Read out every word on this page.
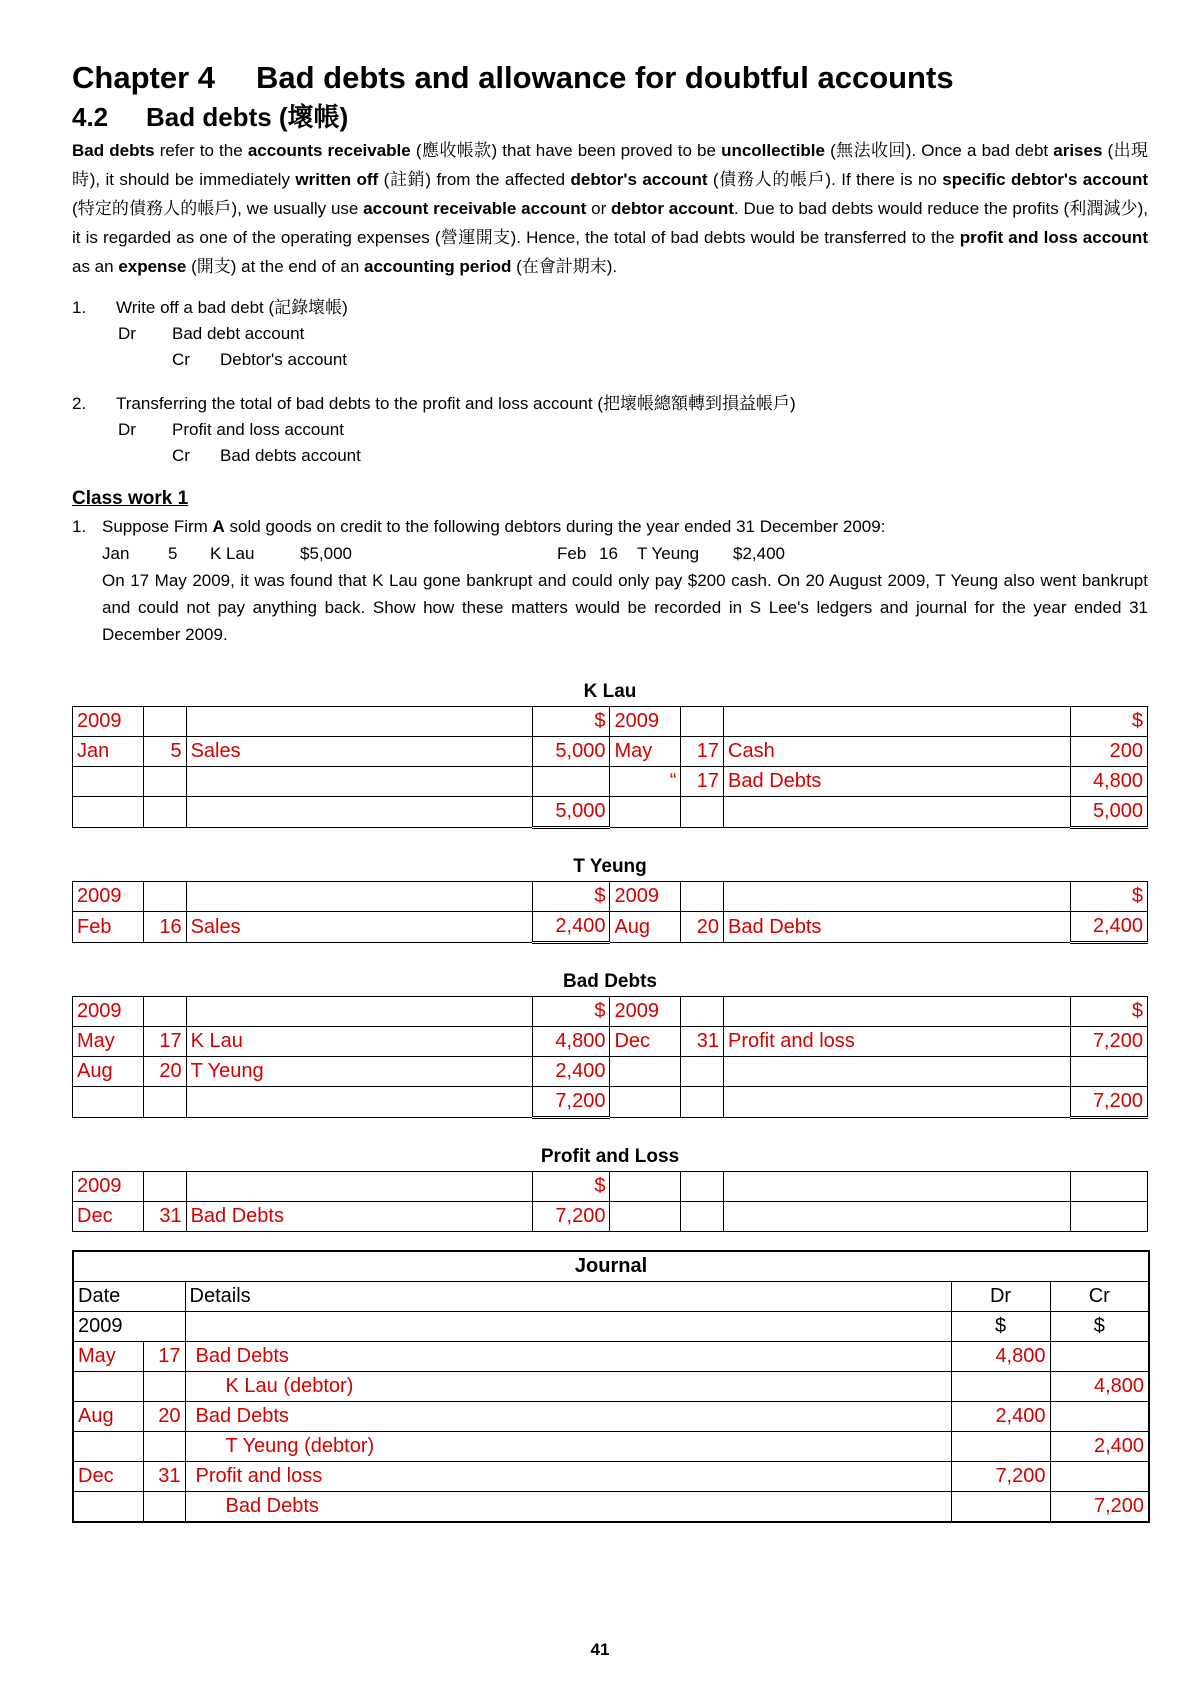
Chapter 4 Bad debts and allowance for doubtful accounts
4.2 Bad debts (壞帳)

Bad debts refer to the accounts receivable (應收帳款) that have been proved to be uncollectible (無法收回). Once a bad debt arises (出現時), it should be immediately written off (註銷) from the affected debtor's account (債務人的帳戶). If there is no specific debtor's account (特定的債務人的帳戶), we usually use account receivable account or debtor account. Due to bad debts would reduce the profits (利潤減少), it is regarded as one of the operating expenses (營運開支). Hence, the total of bad debts would be transferred to the profit and loss account as an expense (開支) at the end of an accounting period (在會計期末).

1. Write off a bad debt (記錄壞帳)
Dr Bad debt account
Cr Debtor's account
2. Transferring the total of bad debts to the profit and loss account (把壞帳總額轉到損益帳戶)
Dr Profit and loss account
Cr Bad debts account

Class work 1

1. Suppose Firm A sold goods on credit to the following debtors during the year ended 31 December 2009:
Jan 5 K Lau	$5,000	Feb 16 T Yeung $2,400
On 17 May 2009, it was found that K Lau gone bankrupt and could only pay $200 cash. On 20 August 2009, T Yeung also went bankrupt and could not pay anything back. Show how these matters would be recorded in S Lee's ledgers and journal for the year ended 31 December 2009.
K Lau
2009			$	2009			$
Jan	5	Sales	5,000	May	17	Cash	200
				“	17	Bad Debts	4,800
			5,000				5,000
T Yeung
2009			$	2009			$
Feb	16	Sales	2,400	Aug	20	Bad Debts	2,400
Bad Debts
2009			$	2009			$
May	17	K Lau	4,800	Dec	31	Profit and loss	7,200
Aug	20	T Yeung	2,400				
			7,200				7,200
Profit and Loss
2009			$				
Dec	31	Bad Debts	7,200				
Journal				
Date		Details	Dr	Cr
2009			$	$
May	17	Bad Debts	4,800	
		K Lau (debtor)		4,800
Aug	20	Bad Debts	2,400	
		T Yeung (debtor)		2,400
Dec	31	Profit and loss	7,200	
		Bad Debts		7,200
41
